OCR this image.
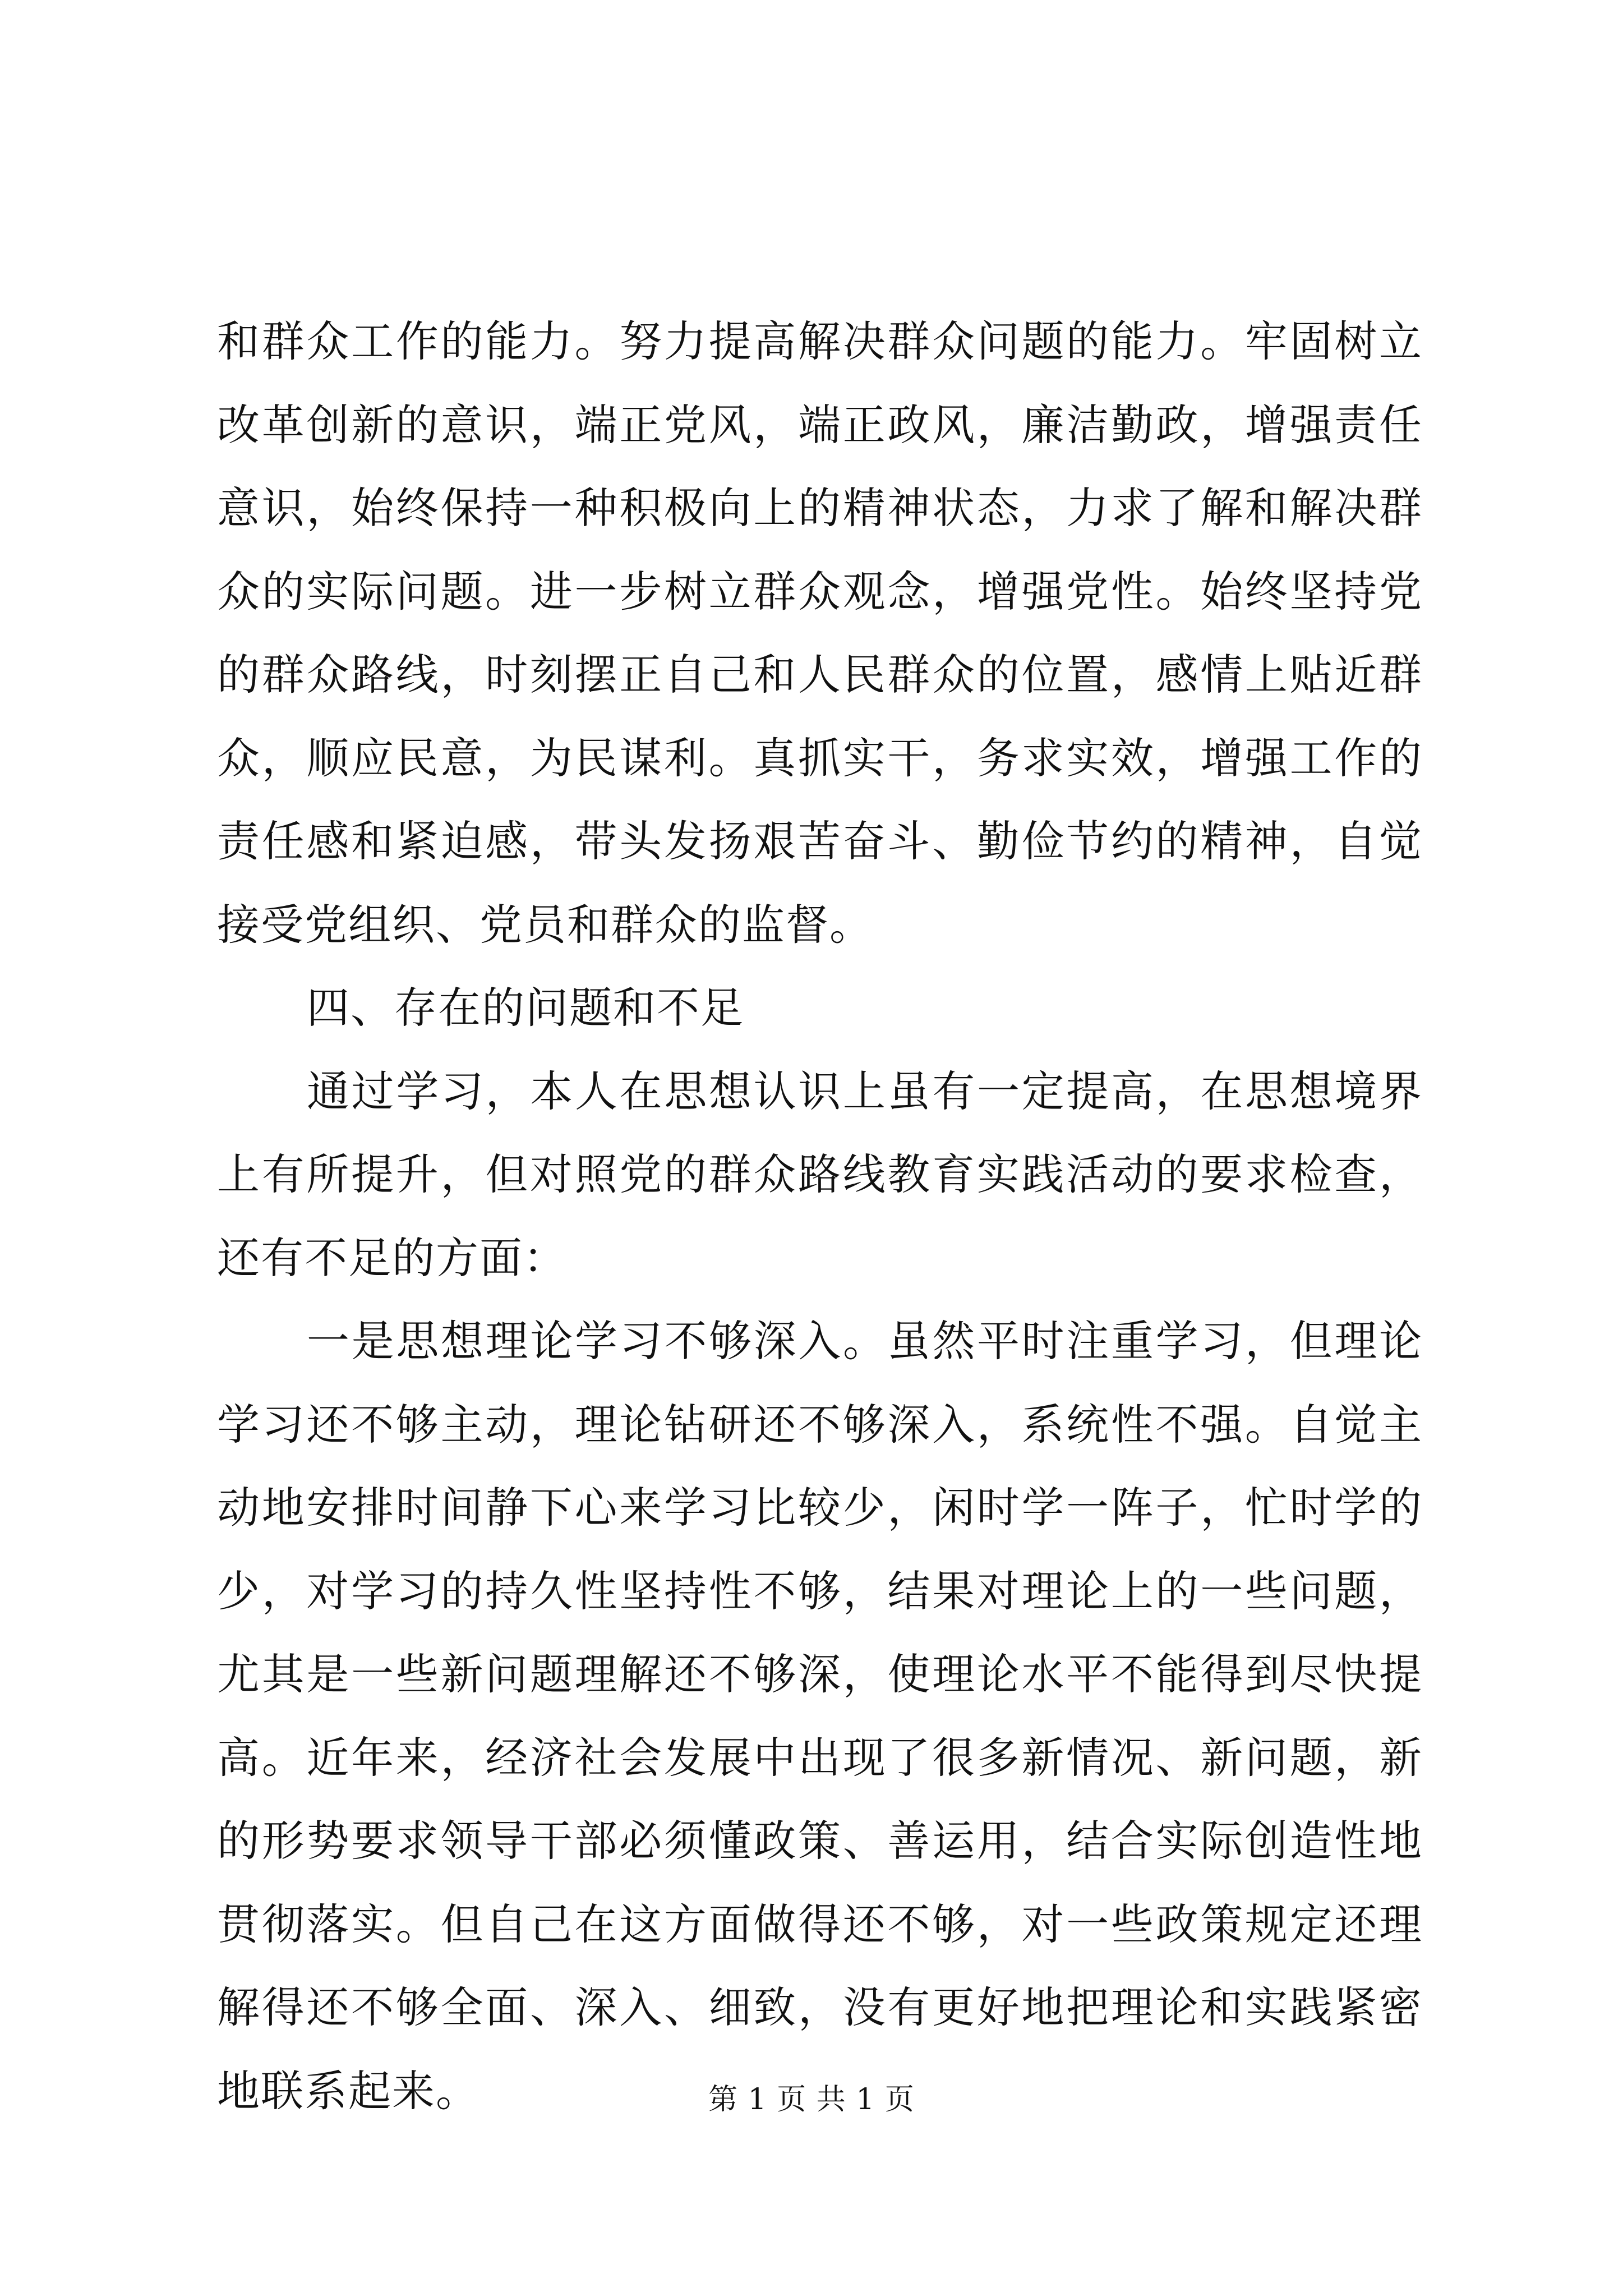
和群众工作的能力。努力提高解决群众问题的能力。牢固树立改革创新的意识，端正党风，端正政风，廉洁勤政，增强责任意识，始终保持一种积极向上的精神状态，力求了解和解决群众的实际问题。进一步树立群众观念，增强党性。始终坚持党的群众路线，时刻摆正自己和人民群众的位置，感情上贴近群众，顺应民意，为民谋利。真抓实干，务求实效，增强工作的责任感和紧迫感，带头发扬艰苦奋斗、勤俭节约的精神，自觉接受党组织、党员和群众的监督。

四、存在的问题和不足

通过学习，本人在思想认识上虽有一定提高，在思想境界上有所提升，但对照党的群众路线教育实践活动的要求检查，还有不足的方面：

一是思想理论学习不够深入。虽然平时注重学习，但理论学习还不够主动，理论钻研还不够深入，系统性不强。自觉主动地安排时间静下心来学习比较少，闲时学一阵子，忙时学的少，对学习的持久性坚持性不够，结果对理论上的一些问题，尤其是一些新问题理解还不够深，使理论水平不能得到尽快提高。近年来，经济社会发展中出现了很多新情况、新问题，新的形势要求领导干部必须懂政策、善运用，结合实际创造性地贯彻落实。但自己在这方面做得还不够，对一些政策规定还理解得还不够全面、深入、细致，没有更好地把理论和实践紧密地联系起来。	第 1 页 共 1 页
